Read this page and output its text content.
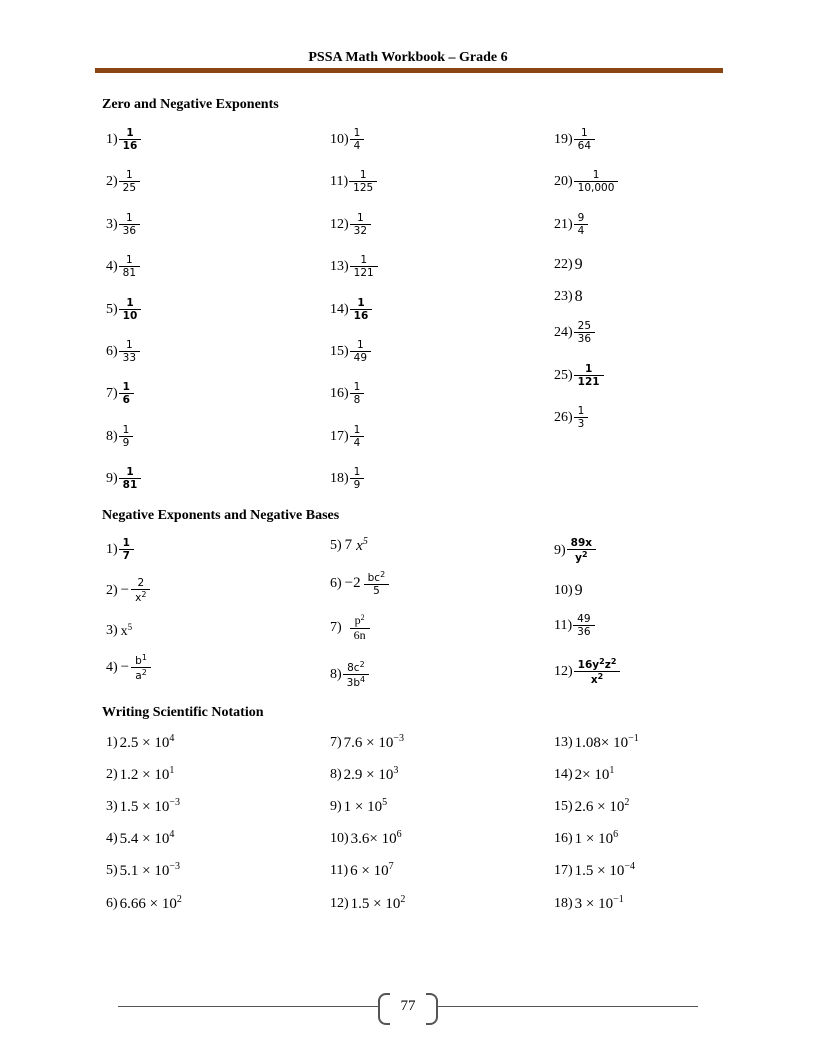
PSSA Math Workbook – Grade 6
Zero and Negative Exponents
Negative Exponents and Negative Bases
Writing Scientific Notation
1 ) $\frac{1}{16}$
2 ) $\frac{1}{25}$
3 ) $\frac{1}{36}$
4 ) $\frac{1}{81}$
5 ) $\frac{1}{10}$
6 ) $\frac{1}{33}$
7 ) $\frac{1}{6}$
8 ) $\frac{1}{9}$
9 ) $\frac{1}{81}$
10 ) $\frac{1}{4}$
11 ) $\frac{1}{125}$
12 ) $\frac{1}{32}$
13 ) $\frac{1}{121}$
14 ) $\frac{1}{16}$
15 ) $\frac{1}{49}$
16 ) $\frac{1}{8}$
17 ) $\frac{1}{4}$
18 ) $\frac{1}{9}$
19 ) $\frac{1}{64}$
20 ) $\frac{1}{10,000}$
21 ) $\frac{9}{4}$
22 ) 9
23 ) 8
24 ) $\frac{25}{36}$
25 ) $\frac{1}{121}$
26 ) $\frac{1}{3}$
1 ) $\frac{1}{7}$
2 ) − $\frac{2}{x^2}$
3 ) $x^5$
4 ) − $\frac{b^1}{a^2}$
5 ) 7 $x^5$
6 ) $-2 \frac{bc^2}{5}$
7 )	$\frac{p^2}{6n}$
8 ) $\frac{8c^2}{3b^4}$
9 ) $\frac{89x}{y^2}$
10 ) 9
11 ) $\frac{49}{36}$
12 ) $\frac{16y^2z^2}{x^2}$
1 ) $2.5 \times 10^4$
2 ) $1.2 \times 10^1$
3 ) $1.5 \times 10^{-3}$
4 ) $5.4 \times 10^4$
5 ) $5.1 \times 10^{-3}$
6 ) $6.66 \times 10^2$
7 ) $7.6 \times 10^{-3}$
8 ) $2.9 \times 10^3$
9 ) $1 \times 10^5$
10 ) $3.6\times 10^6$
11 ) $6 \times 10^7$
12 ) $1.5 \times 10^2$
13 ) $1.08\times 10^{-1}$
14 ) $2\times 10^1$
15 ) $2.6 \times 10^2$
16 ) $1 \times 10^6$
17 ) $1.5 \times 10^{-4}$
18 ) $3 \times 10^{-1}$
77
